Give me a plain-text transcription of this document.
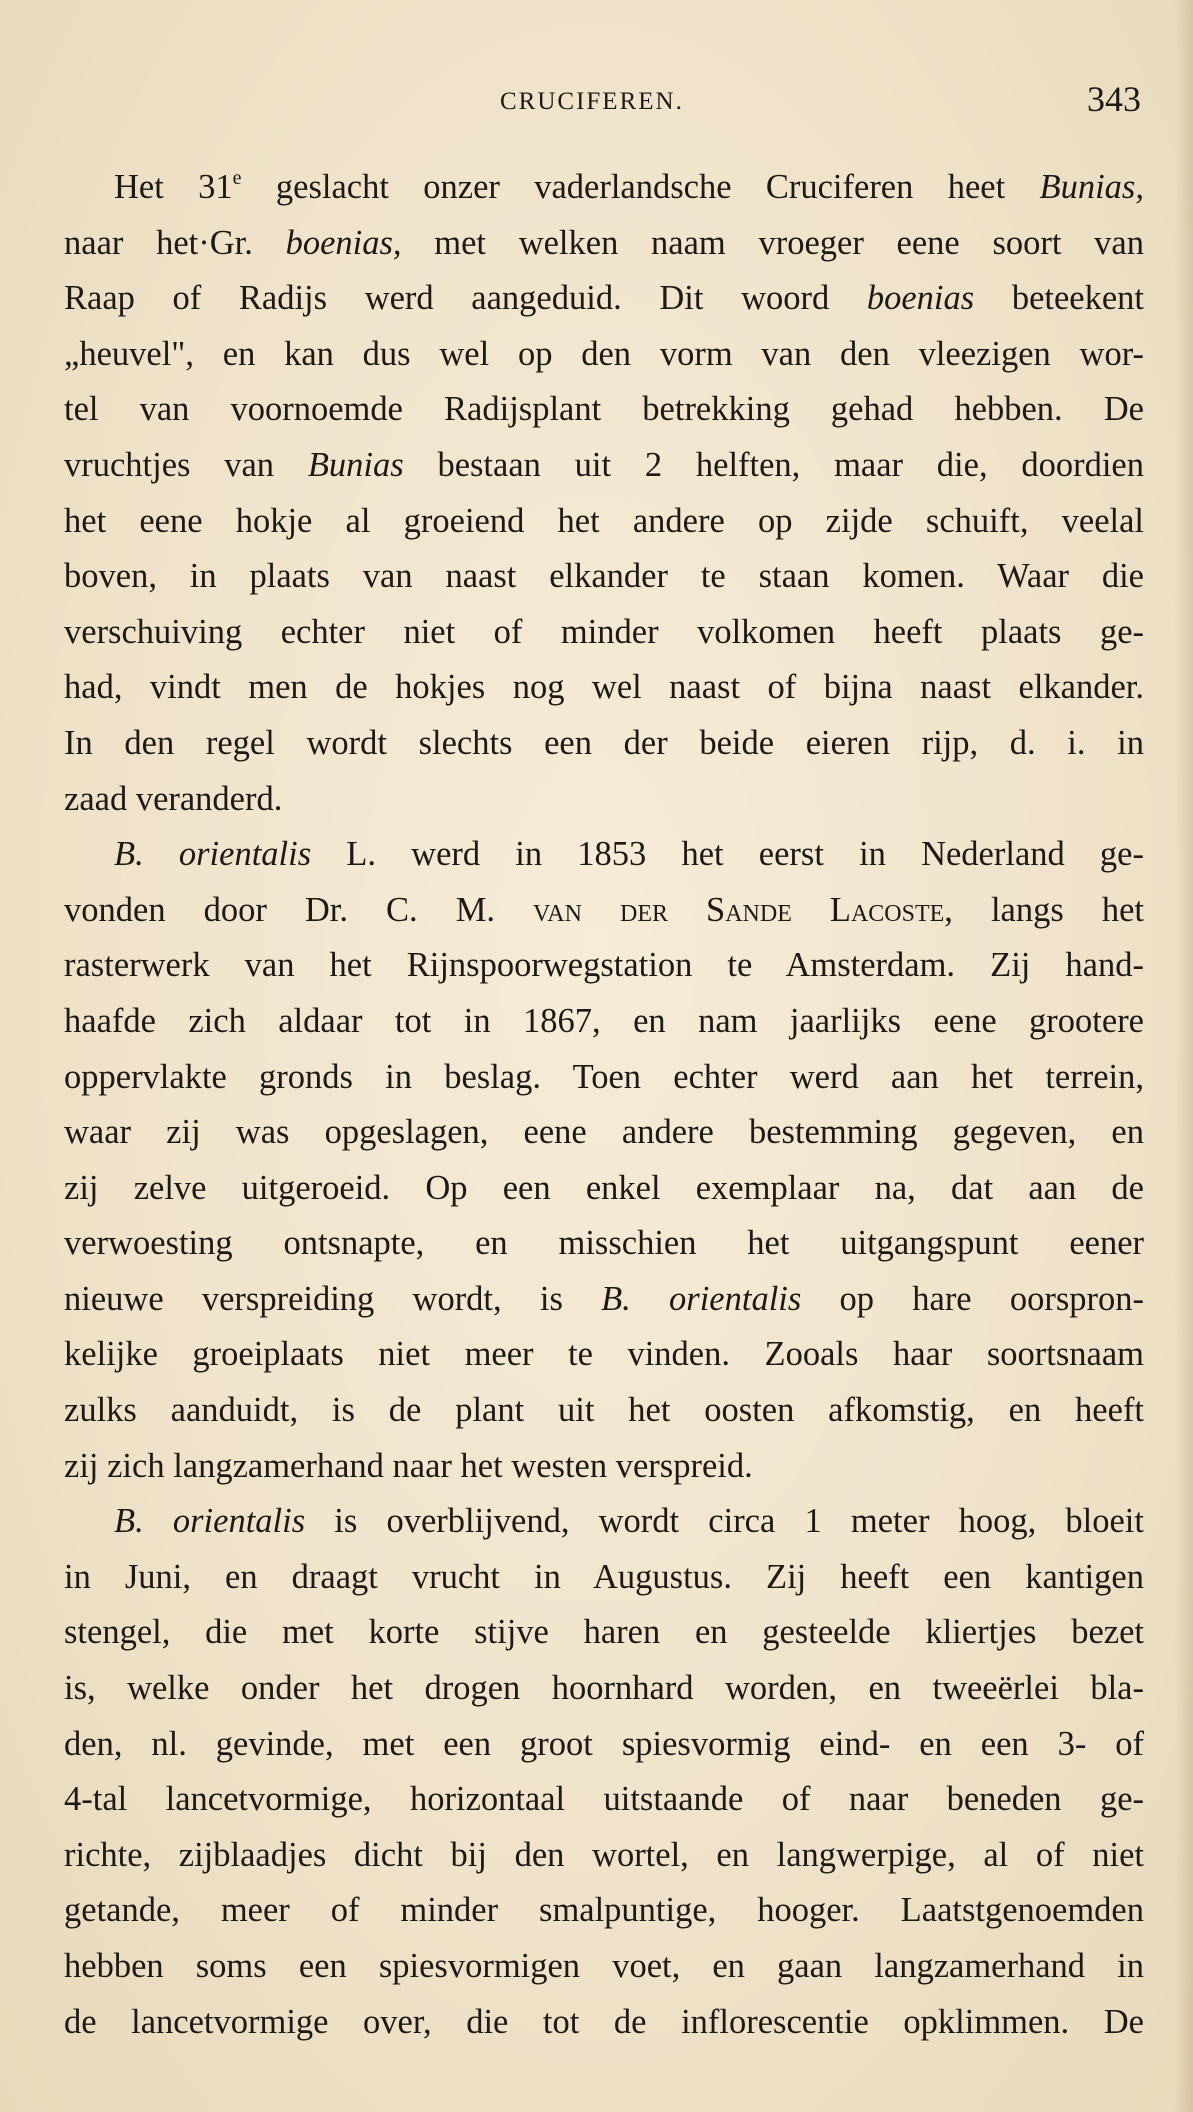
CRUCIFEREN.	343
Het 31e geslacht onzer vaderlandsche Cruciferen heet Bunias,
naar het·Gr. boenias, met welken naam vroeger eene soort van
Raap of Radijs werd aangeduid. Dit woord boenias beteekent
„heuvel", en kan dus wel op den vorm van den vleezigen wor-
tel van voornoemde Radijsplant betrekking gehad hebben. De
vruchtjes van Bunias bestaan uit 2 helften, maar die, doordien
het eene hokje al groeiend het andere op zijde schuift, veelal
boven, in plaats van naast elkander te staan komen. Waar die
verschuiving echter niet of minder volkomen heeft plaats ge-
had, vindt men de hokjes nog wel naast of bijna naast elkander.
In den regel wordt slechts een der beide eieren rijp, d. i. in
zaad veranderd.
B. orientalis L. werd in 1853 het eerst in Nederland ge-
vonden door Dr. C. M. van der Sande Lacoste, langs het
rasterwerk van het Rijnspoorwegstation te Amsterdam. Zij hand-
haafde zich aldaar tot in 1867, en nam jaarlijks eene grootere
oppervlakte gronds in beslag. Toen echter werd aan het terrein,
waar zij was opgeslagen, eene andere bestemming gegeven, en
zij zelve uitgeroeid. Op een enkel exemplaar na, dat aan de
verwoesting ontsnapte, en misschien het uitgangspunt eener
nieuwe verspreiding wordt, is B. orientalis op hare oorspron-
kelijke groeiplaats niet meer te vinden. Zooals haar soortsnaam
zulks aanduidt, is de plant uit het oosten afkomstig, en heeft
zij zich langzamerhand naar het westen verspreid.
B. orientalis is overblijvend, wordt circa 1 meter hoog, bloeit
in Juni, en draagt vrucht in Augustus. Zij heeft een kantigen
stengel, die met korte stijve haren en gesteelde kliertjes bezet
is, welke onder het drogen hoornhard worden, en tweeërlei bla-
den, nl. gevinde, met een groot spiesvormig eind- en een 3- of
4-tal lancetvormige, horizontaal uitstaande of naar beneden ge-
richte, zijblaadjes dicht bij den wortel, en langwerpige, al of niet
getande, meer of minder smalpuntige, hooger. Laatstgenoemden
hebben soms een spiesvormigen voet, en gaan langzamerhand in
de lancetvormige over, die tot de inflorescentie opklimmen. De
